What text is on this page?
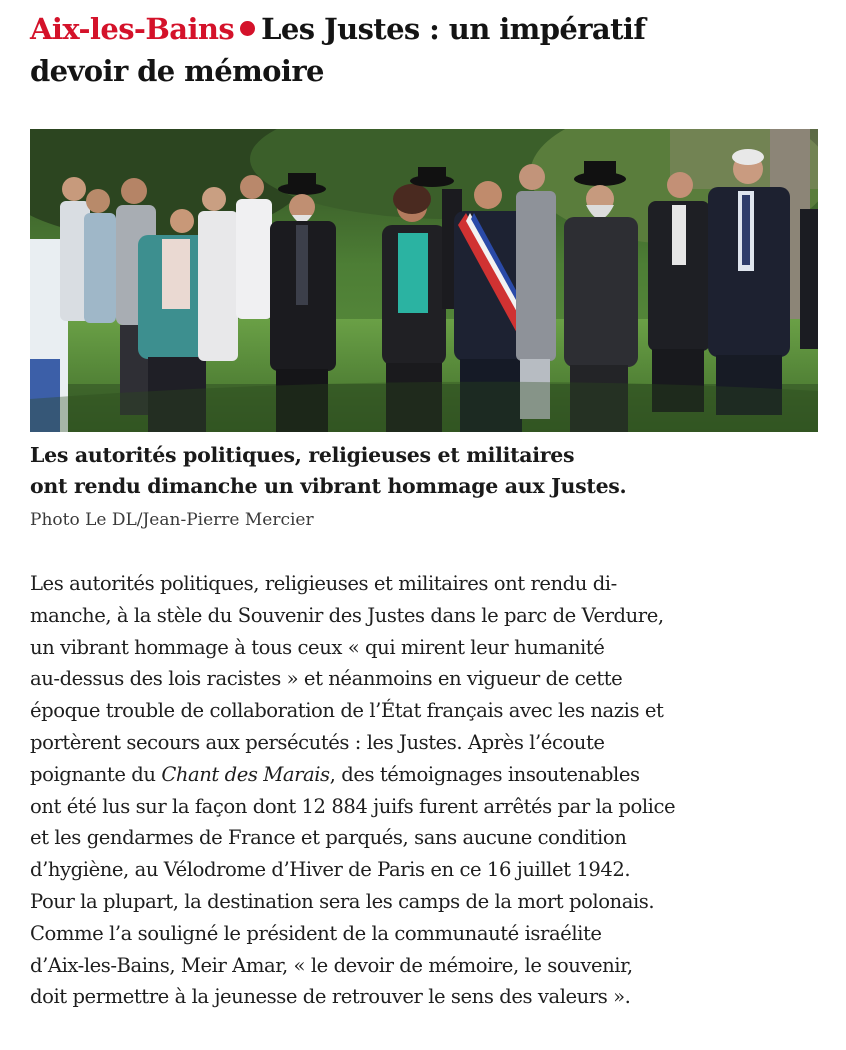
Aix-les-Bains Les Justes : un impératif
devoir de mémoire

Les autorités politiques, religieuses et militaires
ont rendu dimanche un vibrant hommage aux Justes.

Photo Le DL/Jean-Pierre Mercier
Les autorités politiques, religieuses et militaires ont rendu di-
manche, à la stèle du Souvenir des Justes dans le parc de Verdure,
un vibrant hommage à tous ceux « qui mirent leur humanité
au-dessus des lois racistes » et néanmoins en vigueur de cette
époque trouble de collaboration de l’État français avec les nazis et
portèrent secours aux persécutés : les Justes. Après l’écoute
poignante du Chant des Marais, des témoignages insoutenables
ont été lus sur la façon dont 12 884 juifs furent arrêtés par la police
et les gendarmes de France et parqués, sans aucune condition
d’hygiène, au Vélodrome d’Hiver de Paris en ce 16 juillet 1942.
Pour la plupart, la destination sera les camps de la mort polonais.
Comme l’a souligné le président de la communauté israélite
d’Aix-les-Bains, Meir Amar, « le devoir de mémoire, le souvenir,
doit permettre à la jeunesse de retrouver le sens des valeurs ».
